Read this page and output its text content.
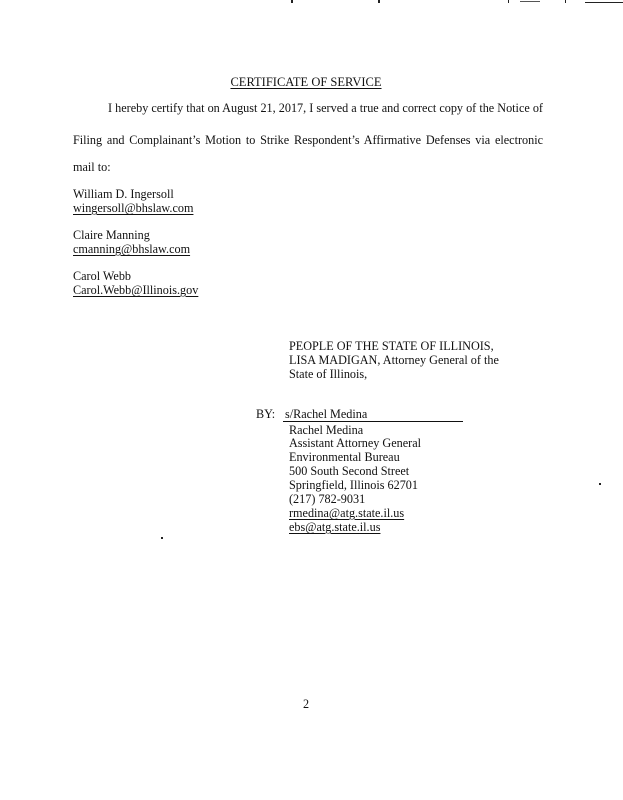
CERTIFICATE OF SERVICE
I hereby certify that on August 21, 2017, I served a true and correct copy of the Notice of
Filing and Complainant’s Motion to Strike Respondent’s Affirmative Defenses via electronic
mail to:
William D. Ingersoll
wingersoll@bhslaw.com
Claire Manning
cmanning@bhslaw.com
Carol Webb
Carol.Webb@Illinois.gov
PEOPLE OF THE STATE OF ILLINOIS,
LISA MADIGAN, Attorney General of the
State of Illinois,
BY: s/Rachel Medina
Rachel Medina
Assistant Attorney General
Environmental Bureau
500 South Second Street
Springfield, Illinois 62701
(217) 782-9031
rmedina@atg.state.il.us
ebs@atg.state.il.us
2
